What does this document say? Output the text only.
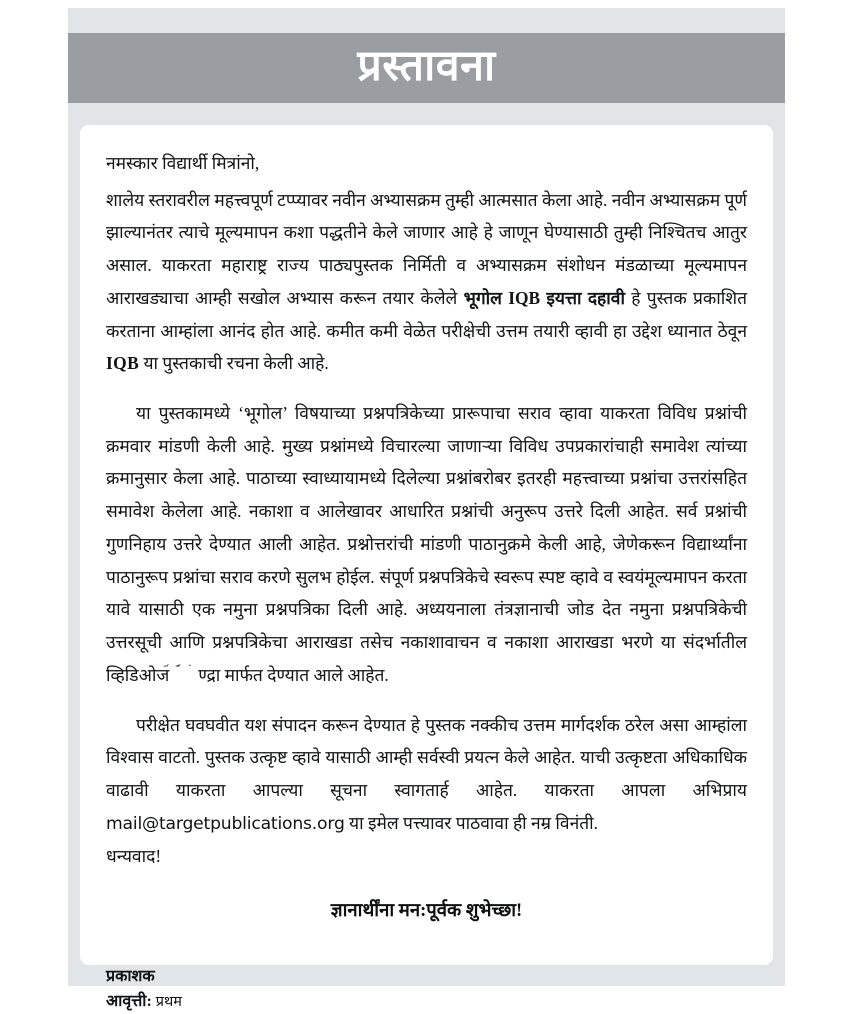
प्रस्तावना

नमस्कार विद्यार्थी मित्रांनो,

शालेय स्तरावरील महत्त्वपूर्ण टप्प्यावर नवीन अभ्यासक्रम तुम्ही आत्मसात केला आहे. नवीन अभ्यासक्रम पूर्ण झाल्यानंतर त्याचे मूल्यमापन कशा पद्धतीने केले जाणार आहे हे जाणून घेण्यासाठी तुम्ही निश्चितच आतुर असाल. याकरता महाराष्ट्र राज्य पाठ्यपुस्तक निर्मिती व अभ्यासक्रम संशोधन मंडळाच्या मूल्यमापन आराखड्याचा आम्ही सखोल अभ्यास करून तयार केलेले भूगोल IQB इयत्ता दहावी हे पुस्तक प्रकाशित करताना आम्हांला आनंद होत आहे. कमीत कमी वेळेत परीक्षेची उत्तम तयारी व्हावी हा उद्देश ध्यानात ठेवून IQB या पुस्तकाची रचना केली आहे.

या पुस्तकामध्ये ‘भूगोल’ विषयाच्या प्रश्नपत्रिकेच्या प्रारूपाचा सराव व्हावा याकरता विविध प्रश्नांची क्रमवार मांडणी केली आहे. मुख्य प्रश्नांमध्ये विचारल्या जाणाऱ्या विविध उपप्रकारांचाही समावेश त्यांच्या क्रमानुसार केला आहे. पाठाच्या स्वाध्यायामध्ये दिलेल्या प्रश्नांबरोबर इतरही महत्त्वाच्या प्रश्नांचा उत्तरांसहित समावेश केलेला आहे. नकाशा व आलेखावर आधारित प्रश्नांची अनुरूप उत्तरे दिली आहेत. सर्व प्रश्नांची गुणनिहाय उत्तरे देण्यात आली आहेत. प्रश्नोत्तरांची मांडणी पाठानुक्रमे केली आहे, जेणेकरून विद्यार्थ्यांना पाठानुरूप प्रश्नांचा सराव करणे सुलभ होईल. संपूर्ण प्रश्नपत्रिकेचे स्वरूप स्पष्ट व्हावे व स्वयंमूल्यमापन करता यावे यासाठी एक नमुना प्रश्नपत्रिका दिली आहे. अध्ययनाला तंत्रज्ञानाची जोड देत नमुना प्रश्नपत्रिकेची उत्तरसूची आणि प्रश्नपत्रिकेचा आराखडा तसेच नकाशावाचन व नकाशा आराखडा भरणे या संदर्भातील व्हिडिओज᷄ ˙᷄ ˙ ण्द्रा मार्फत देण्यात आले आहेत.

परीक्षेत घवघवीत यश संपादन करून देण्यात हे पुस्तक नक्कीच उत्तम मार्गदर्शक ठरेल असा आम्हांला विश्वास वाटतो. पुस्तक उत्कृष्ट व्हावे यासाठी आम्ही सर्वस्वी प्रयत्न केले आहेत. याची उत्कृष्टता अधिकाधिक वाढावी याकरता आपल्या सूचना स्वागतार्ह आहेत. याकरता आपला अभिप्राय mail@targetpublications.org या इमेल पत्त्यावर पाठवावा ही नम्र विनंती.

धन्यवाद!

ज्ञानार्थींना मन:पूर्वक शुभेच्छा!
प्रकाशक
आवृत्ती: प्रथम
